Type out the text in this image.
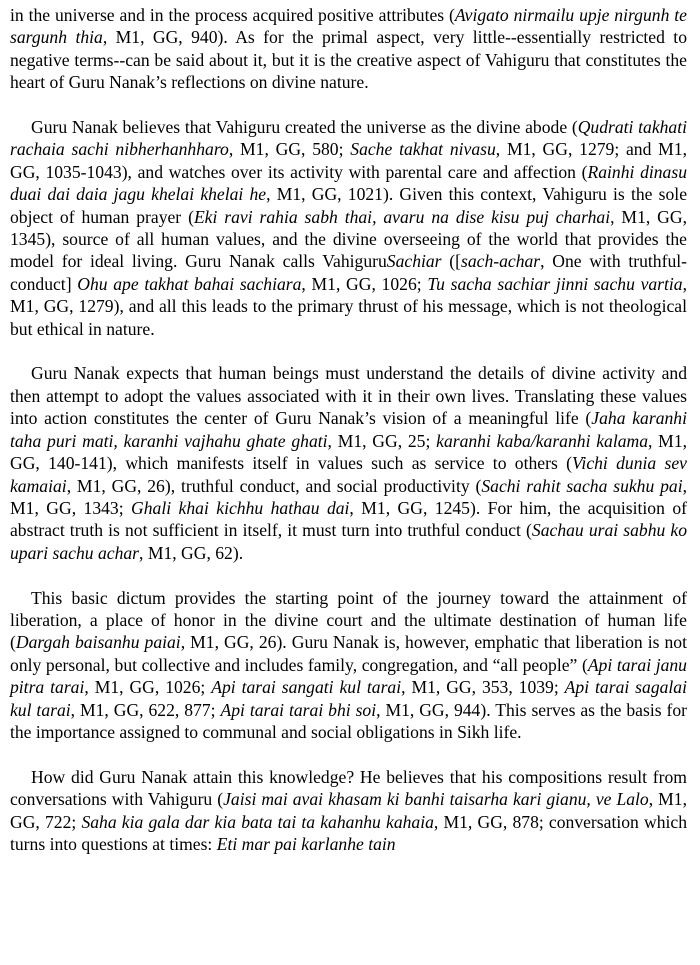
in the universe and in the process acquired positive attributes (Avigato nirmailu upje nirgunh te sargunh thia, M1, GG, 940). As for the primal aspect, very little--essentially restricted to negative terms--can be said about it, but it is the creative aspect of Vahiguru that constitutes the heart of Guru Nanak’s reflections on divine nature.

Guru Nanak believes that Vahiguru created the universe as the divine abode (Qudrati takhati rachaia sachi nibherhanhharo, M1, GG, 580; Sache takhat nivasu, M1, GG, 1279; and M1, GG, 1035-1043), and watches over its activity with parental care and affection (Rainhi dinasu duai dai daia jagu khelai khelai he, M1, GG, 1021). Given this context, Vahiguru is the sole object of human prayer (Eki ravi rahia sabh thai, avaru na dise kisu puj charhai, M1, GG, 1345), source of all human values, and the divine overseeing of the world that provides the model for ideal living. Guru Nanak calls VahiguruSachiar ([sach-achar, One with truthful-conduct] Ohu ape takhat bahai sachiara, M1, GG, 1026; Tu sacha sachiar jinni sachu vartia, M1, GG, 1279), and all this leads to the primary thrust of his message, which is not theological but ethical in nature.

Guru Nanak expects that human beings must understand the details of divine activity and then attempt to adopt the values associated with it in their own lives. Translating these values into action constitutes the center of Guru Nanak’s vision of a meaningful life (Jaha karanhi taha puri mati, karanhi vajhahu ghate ghati, M1, GG, 25; karanhi kaba/karanhi kalama, M1, GG, 140-141), which manifests itself in values such as service to others (Vichi dunia sev kamaiai, M1, GG, 26), truthful conduct, and social productivity (Sachi rahit sacha sukhu pai, M1, GG, 1343; Ghali khai kichhu hathau dai, M1, GG, 1245). For him, the acquisition of abstract truth is not sufficient in itself, it must turn into truthful conduct (Sachau urai sabhu ko upari sachu achar, M1, GG, 62).

This basic dictum provides the starting point of the journey toward the attainment of liberation, a place of honor in the divine court and the ultimate destination of human life (Dargah baisanhu paiai, M1, GG, 26). Guru Nanak is, however, emphatic that liberation is not only personal, but collective and includes family, congregation, and “all people” (Api tarai janu pitra tarai, M1, GG, 1026; Api tarai sangati kul tarai, M1, GG, 353, 1039; Api tarai sagalai kul tarai, M1, GG, 622, 877; Api tarai tarai bhi soi, M1, GG, 944). This serves as the basis for the importance assigned to communal and social obligations in Sikh life.

How did Guru Nanak attain this knowledge? He believes that his compositions result from conversations with Vahiguru (Jaisi mai avai khasam ki banhi taisarha kari gianu, ve Lalo, M1, GG, 722; Saha kia gala dar kia bata tai ta kahanhu kahaia, M1, GG, 878; conversation which turns into questions at times: Eti mar pai karlanhe tain
